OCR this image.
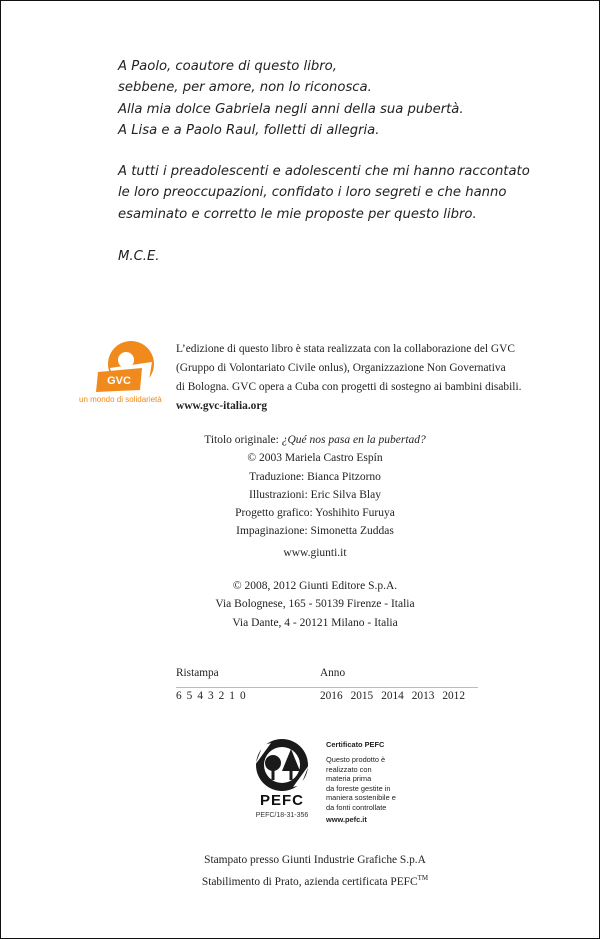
A Paolo, coautore di questo libro,
sebbene, per amore, non lo riconosca.
Alla mia dolce Gabriela negli anni della sua pubertà.
A Lisa e a Paolo Raul, folletti di allegria.
A tutti i preadolescenti e adolescenti che mi hanno raccontato
le loro preoccupazioni, confidato i loro segreti e che hanno
esaminato e corretto le mie proposte per questo libro.
M.C.E.
GVC
un mondo di solidarietà
L’edizione di questo libro è stata realizzata con la collaborazione del GVC
(Gruppo di Volontariato Civile onlus), Organizzazione Non Governativa
di Bologna. GVC opera a Cuba con progetti di sostegno ai bambini disabili.
www.gvc-italia.org
Titolo originale: ¿Qué nos pasa en la pubertad?
© 2003 Mariela Castro Espín
Traduzione: Bianca Pitzorno
Illustrazioni: Eric Silva Blay
Progetto grafico: Yoshihito Furuya
Impaginazione: Simonetta Zuddas
www.giunti.it
© 2008, 2012 Giunti Editore S.p.A.
Via Bolognese, 165 - 50139 Firenze - Italia
Via Dante, 4 - 20121 Milano - Italia
Ristampa	Anno
6 5 4 3 2 1 0	2016 2015 2014 2013 2012
PEFC
PEFC/18-31-356
Certificato PEFC
Questo prodotto è
realizzato con
materia prima
da foreste gestite in
maniera sostenibile e
da fonti controllate
www.pefc.it
Stampato presso Giunti Industrie Grafiche S.p.A
Stabilimento di Prato, azienda certificata PEFC™
